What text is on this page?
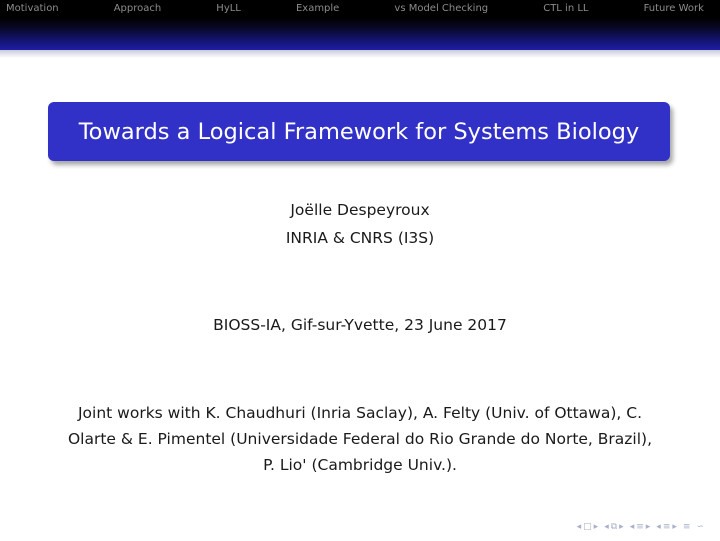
Motivation	Approach	HyLL	Example	vs Model Checking	CTL in LL	Future Work
Towards a Logical Framework for Systems Biology
Joëlle Despeyroux
INRIA & CNRS (I3S)
BIOSS-IA, Gif-sur-Yvette, 23 June 2017
Joint works with K. Chaudhuri (Inria Saclay), A. Felty (Univ. of Ottawa), C. Olarte & E. Pimentel (Universidade Federal do Rio Grande do Norte, Brazil), P. Lio' (Cambridge Univ.).
◂ □ ▸ ◂ ⧉ ▸ ◂ ≡ ▸ ◂ ≡ ▸ ≡ ∽
